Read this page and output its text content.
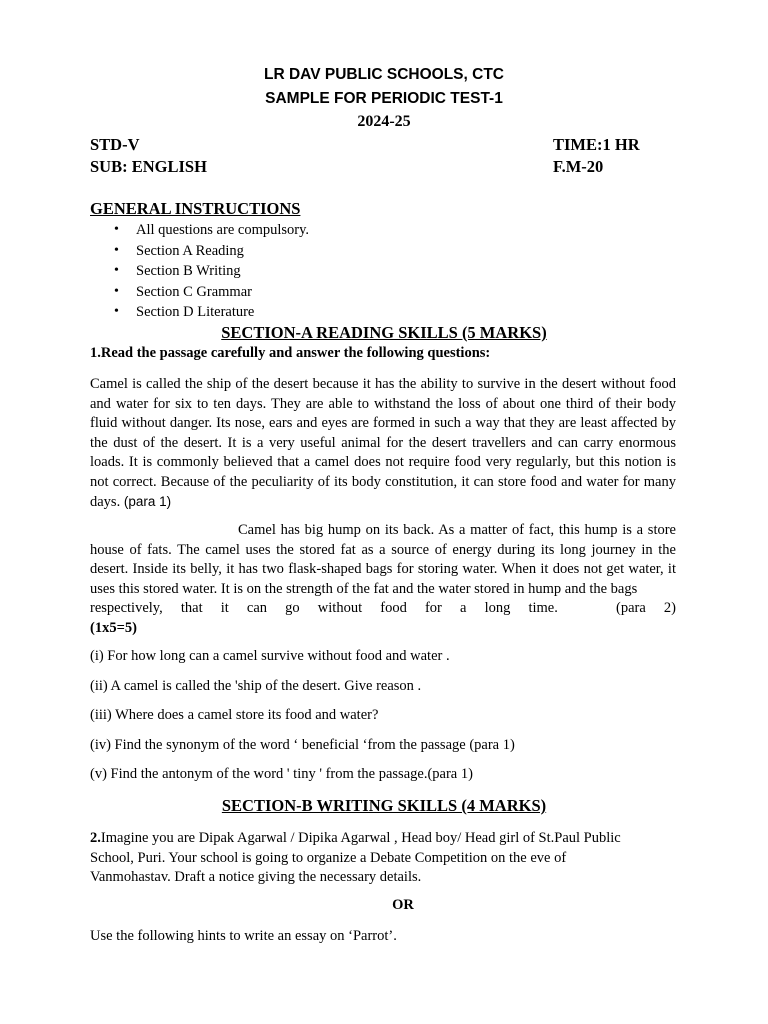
LR DAV PUBLIC SCHOOLS, CTC
SAMPLE FOR PERIODIC TEST-1
2024-25
STD-V	TIME:1 HR
SUB: ENGLISH	F.M-20
GENERAL INSTRUCTIONS
• All questions are compulsory.
• Section A Reading
• Section B Writing
• Section C Grammar
• Section D Literature
SECTION-A READING SKILLS (5 MARKS)
1.Read the passage carefully and answer the following questions:

Camel is called the ship of the desert because it has the ability to survive in the desert without food and water for six to ten days. They are able to withstand the loss of about one third of their body fluid without danger. Its nose, ears and eyes are formed in such a way that they are least affected by the dust of the desert. It is a very useful animal for the desert travellers and can carry enormous loads. It is commonly believed that a camel does not require food very regularly, but this notion is not correct. Because of the peculiarity of its body constitution, it can store food and water for many days. (para 1)

Camel has big hump on its back. As a matter of fact, this hump is a store house of fats. The camel uses the stored fat as a source of energy during its long journey in the desert. Inside its belly, it has two flask-shaped bags for storing water. When it does not get water, it uses this stored water. It is on the strength of the fat and the water stored in hump and the bags
respectively, that it can go without food for a long time.	(para 2)
(1x5=5)

(i) For how long can a camel survive without food and water .
(ii) A camel is called the 'ship of the desert. Give reason .
(iii) Where does a camel store its food and water?
(iv) Find the synonym of the word ‘ beneficial ‘from the passage (para 1)
(v) Find the antonym of the word ' tiny ' from the passage.(para 1)
SECTION-B WRITING SKILLS (4 MARKS)

2.Imagine you are Dipak Agarwal / Dipika Agarwal , Head boy/ Head girl of St.Paul Public School, Puri. Your school is going to organize a Debate Competition on the eve of Vanmohastav. Draft a notice giving the necessary details.

OR
Use the following hints to write an essay on ‘Parrot’.
